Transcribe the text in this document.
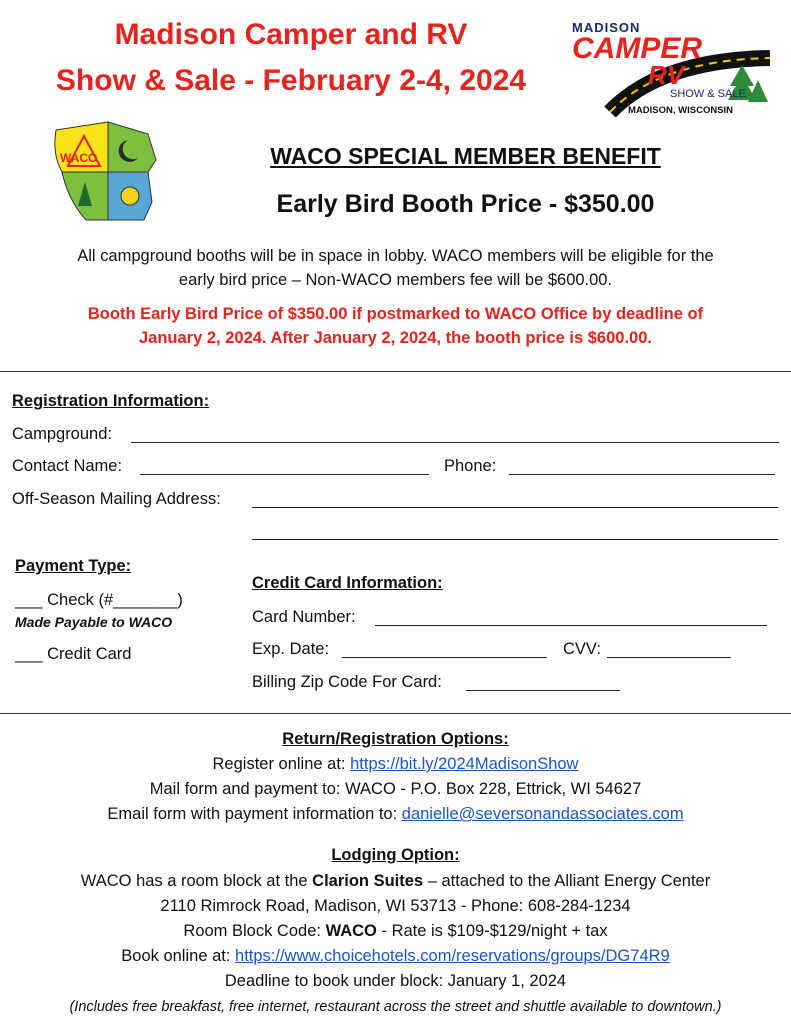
Madison Camper and RV
Show & Sale - February 2-4, 2024
MADISON
CAMPER
RV
SHOW & SALE
MADISON, WISCONSIN
WACO	WACO SPECIAL MEMBER BENEFIT
Early Bird Booth Price - $350.00
All campground booths will be in space in lobby. WACO members will be eligible for the
early bird price – Non-WACO members fee will be $600.00.
Booth Early Bird Price of $350.00 if postmarked to WACO Office by deadline of
January 2, 2024. After January 2, 2024, the booth price is $600.00.
Registration Information:
Campground:
Contact Name:	Phone:
Off-Season Mailing Address:
Payment Type:
___ Check (#_______)
Made Payable to WACO
___ Credit Card
Credit Card Information:
Card Number:
Exp. Date:	CVV:
Billing Zip Code For Card:
Return/Registration Options:
Register online at: https://bit.ly/2024MadisonShow
Mail form and payment to: WACO - P.O. Box 228, Ettrick, WI 54627
Email form with payment information to: danielle@seversonandassociates.com
Lodging Option:
WACO has a room block at the Clarion Suites – attached to the Alliant Energy Center
2110 Rimrock Road, Madison, WI 53713 - Phone: 608-284-1234
Room Block Code: WACO - Rate is $109-$129/night + tax
Book online at: https://www.choicehotels.com/reservations/groups/DG74R9
Deadline to book under block: January 1, 2024
(Includes free breakfast, free internet, restaurant across the street and shuttle available to downtown.)
